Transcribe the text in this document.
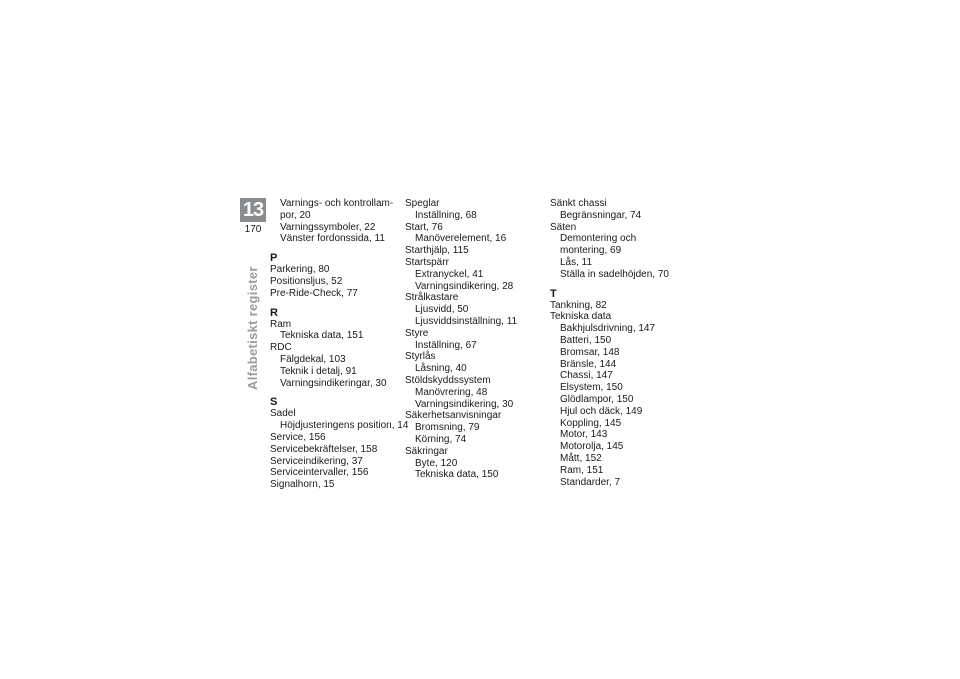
13
170
Alfabetiskt register
Varnings- och kontrollam-
por, 20
Varningssymboler, 22
Vänster fordonssida, 11
P
Parkering, 80
Positionsljus, 52
Pre-Ride-Check, 77
R
Ram
Tekniska data, 151
RDC
Fälgdekal, 103
Teknik i detalj, 91
Varningsindikeringar, 30
S
Sadel
Höjdjusteringens position, 14
Service, 156
Servicebekräftelser, 158
Serviceindikering, 37
Serviceintervaller, 156
Signalhorn, 15
Speglar
Inställning, 68
Start, 76
Manöverelement, 16
Starthjälp, 115
Startspärr
Extranyckel, 41
Varningsindikering, 28
Strålkastare
Ljusvidd, 50
Ljusviddsinställning, 11
Styre
Inställning, 67
Styrlås
Låsning, 40
Stöldskyddssystem
Manövrering, 48
Varningsindikering, 30
Säkerhetsanvisningar
Bromsning, 79
Körning, 74
Säkringar
Byte, 120
Tekniska data, 150
Sänkt chassi
Begränsningar, 74
Säten
Demontering och
montering, 69
Lås, 11
Ställa in sadelhöjden, 70
T
Tankning, 82
Tekniska data
Bakhjulsdrivning, 147
Batteri, 150
Bromsar, 148
Bränsle, 144
Chassi, 147
Elsystem, 150
Glödlampor, 150
Hjul och däck, 149
Koppling, 145
Motor, 143
Motorolja, 145
Mått, 152
Ram, 151
Standarder, 7
